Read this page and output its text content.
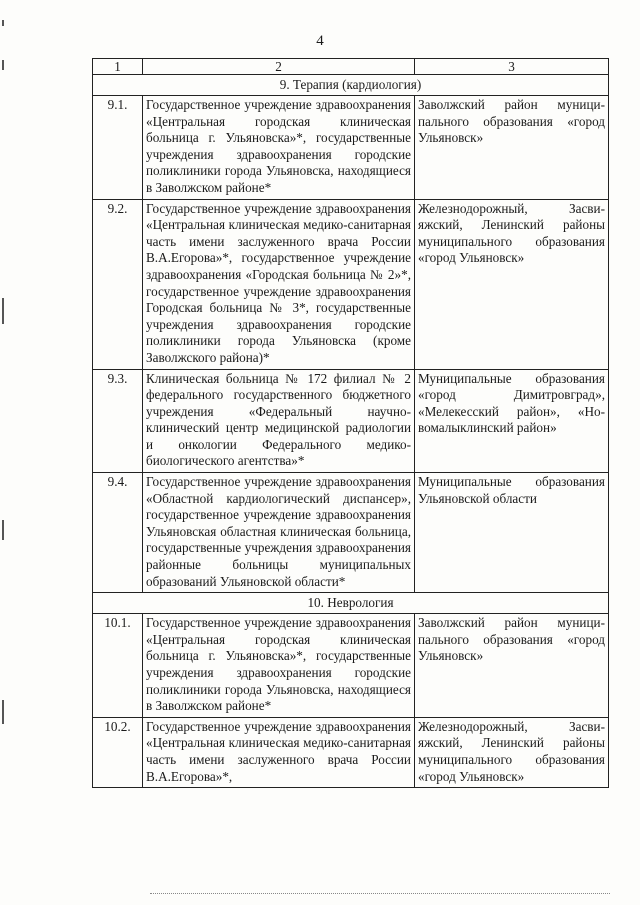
4
1	2	3
9. Терапия (кардиология)		
9.1.	Государственное учреждение здравоохранения «Центральная городская клиническая больница г. Ульяновска»*, государственные учреждения здравоохранения городские поликлиники города Ульяновска, находящиеся в Заволжском районе*	Заволжский район муниципального образования «город Ульяновск»
9.2.	Государственное учреждение здравоохранения «Центральная клиническая медико-санитарная часть имени заслуженного врача России В.А.Егорова»*, государственное учреждение здравоохранения «Городская больница № 2»*, государственное учреждение здравоохранения Городская больница № 3*, государственные учреждения здравоохранения городские поликлиники города Ульяновска (кроме Заволжского района)*	Железнодорожный, Засвияжский, Ленинский районы муниципального образования «город Ульяновск»
9.3.	Клиническая больница № 172 филиал № 2 федерального государственного бюджетного учреждения «Федеральный научно-клинический центр медицинской радиологии и онкологии Федерального медико-биологического агентства»*	Муниципальные образования «город Димитровград», «Мелекесский район», «Новомалыклинский район»
9.4.	Государственное учреждение здравоохранения «Областной кардиологический диспансер», государственное учреждение здравоохранения Ульяновская областная клиническая больница, государственные учреждения здравоохранения районные больницы муниципальных образований Ульяновской области*	Муниципальные образования Ульяновской области
10. Неврология		
10.1.	Государственное учреждение здравоохранения «Центральная городская клиническая больница г. Ульяновска»*, государственные учреждения здравоохранения городские поликлиники города Ульяновска, находящиеся в Заволжском районе*	Заволжский район муниципального образования «город Ульяновск»
10.2.	Государственное учреждение здравоохранения «Центральная клиническая медико-санитарная часть имени заслуженного врача России В.А.Егорова»*,	Железнодорожный, Засвияжский, Ленинский районы муниципального образования «город Ульяновск»
